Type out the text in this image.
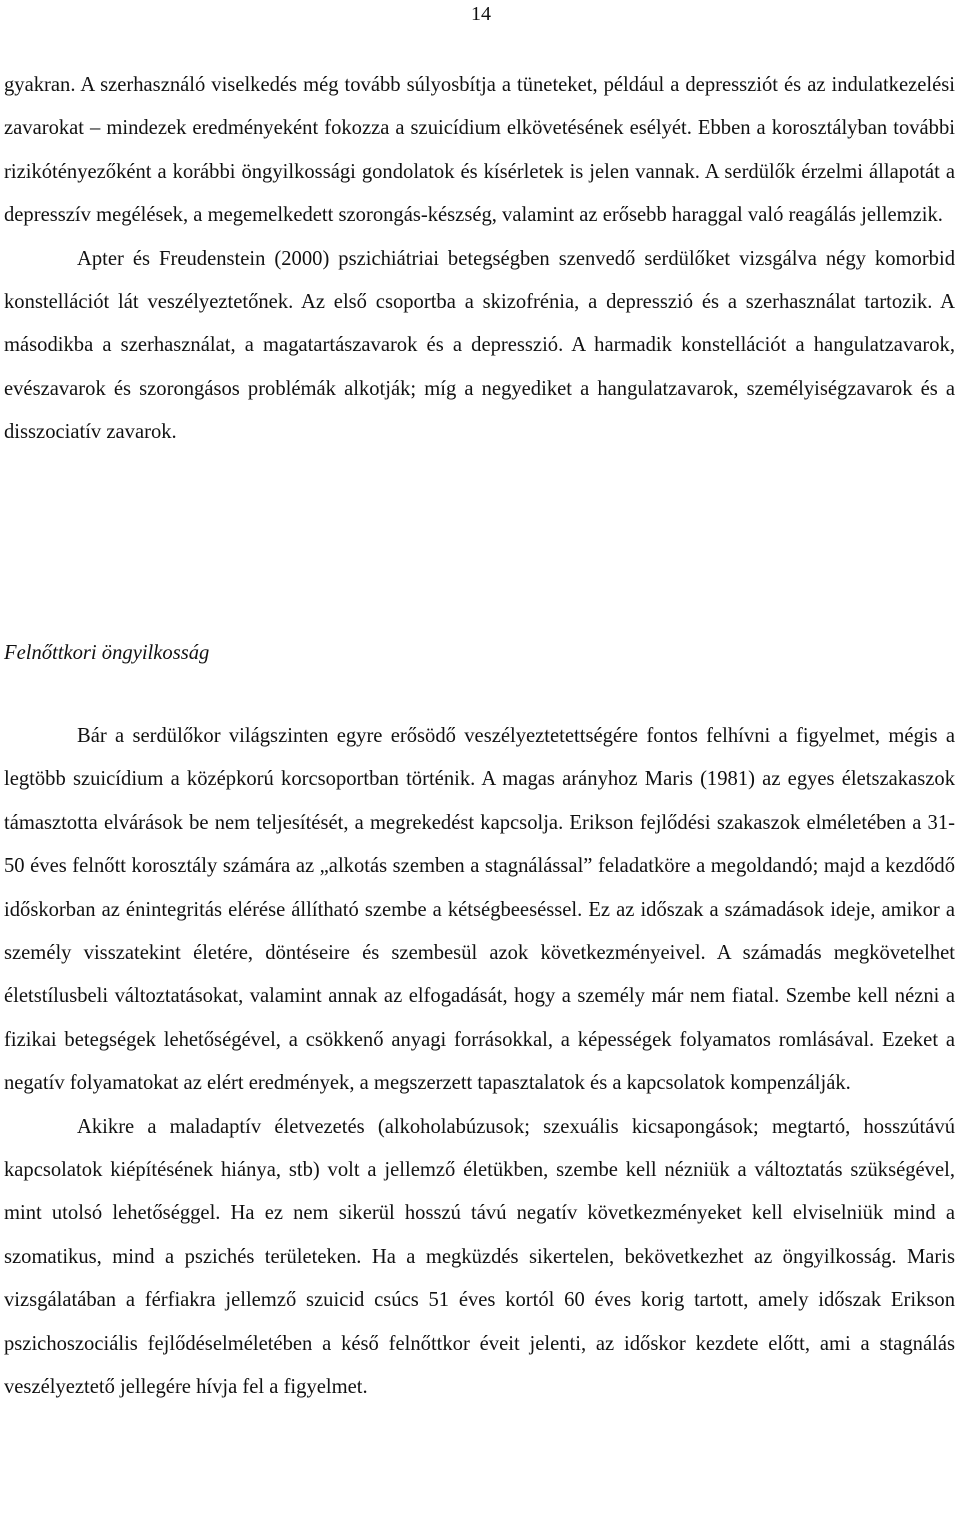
14

gyakran. A szerhasználó viselkedés még tovább súlyosbítja a tüneteket, például a depressziót és az indulatkezelési zavarokat – mindezek eredményeként fokozza a szuicídium elkövetésének esélyét. Ebben a korosztályban további rizikótényezőként a korábbi öngyilkossági gondolatok és kísérletek is jelen vannak. A serdülők érzelmi állapotát a depresszív megélések, a megemelkedett szorongás-készség, valamint az erősebb haraggal való reagálás jellemzik.

Apter és Freudenstein (2000) pszichiátriai betegségben szenvedő serdülőket vizsgálva négy komorbid konstellációt lát veszélyeztetőnek. Az első csoportba a skizofrénia, a depresszió és a szerhasználat tartozik. A másodikba a szerhasználat, a magatartászavarok és a depresszió. A harmadik konstellációt a hangulatzavarok, evészavarok és szorongásos problémák alkotják; míg a negyediket a hangulatzavarok, személyiségzavarok és a disszociatív zavarok.

Felnőttkori öngyilkosság

Bár a serdülőkor világszinten egyre erősödő veszélyeztetettségére fontos felhívni a figyelmet, mégis a legtöbb szuicídium a középkorú korcsoportban történik. A magas arányhoz Maris (1981) az egyes életszakaszok támasztotta elvárások be nem teljesítését, a megrekedést kapcsolja. Erikson fejlődési szakaszok elméletében a 31-50 éves felnőtt korosztály számára az „alkotás szemben a stagnálással” feladatköre a megoldandó; majd a kezdődő időskorban az énintegritás elérése állítható szembe a kétségbeeséssel. Ez az időszak a számadások ideje, amikor a személy visszatekint életére, döntéseire és szembesül azok következményeivel. A számadás megkövetelhet életstílusbeli változtatásokat, valamint annak az elfogadását, hogy a személy már nem fiatal. Szembe kell nézni a fizikai betegségek lehetőségével, a csökkenő anyagi forrásokkal, a képességek folyamatos romlásával. Ezeket a negatív folyamatokat az elért eredmények, a megszerzett tapasztalatok és a kapcsolatok kompenzálják.

Akikre a maladaptív életvezetés (alkoholabúzusok; szexuális kicsapongások; megtartó, hosszútávú kapcsolatok kiépítésének hiánya, stb) volt a jellemző életükben, szembe kell nézniük a változtatás szükségével, mint utolsó lehetőséggel. Ha ez nem sikerül hosszú távú negatív következményeket kell elviselniük mind a szomatikus, mind a pszichés területeken. Ha a megküzdés sikertelen, bekövetkezhet az öngyilkosság. Maris vizsgálatában a férfiakra jellemző szuicid csúcs 51 éves kortól 60 éves korig tartott, amely időszak Erikson pszichoszociális fejlődéselméletében a késő felnőttkor éveit jelenti, az időskor kezdete előtt, ami a stagnálás veszélyeztető jellegére hívja fel a figyelmet.
